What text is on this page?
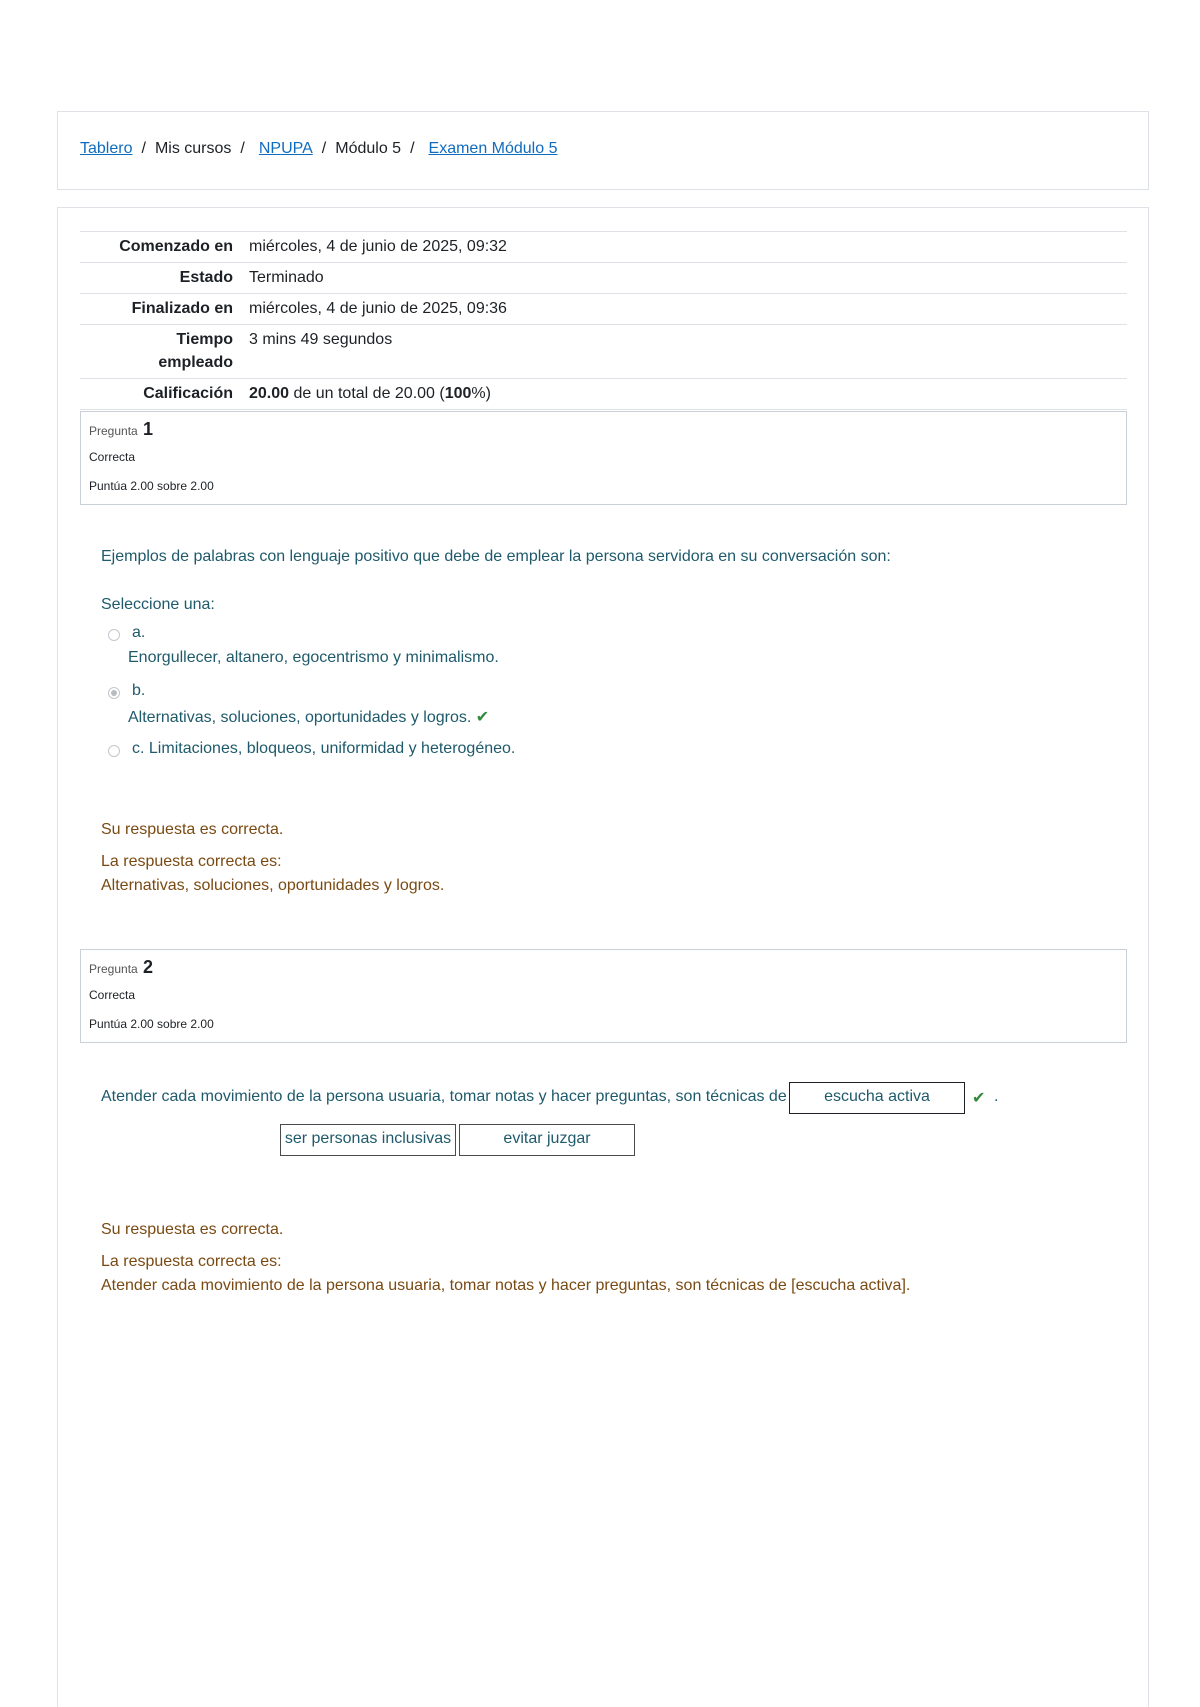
Tablero / Mis cursos / NPUPA / Módulo 5 / Examen Módulo 5
Comenzado en	miércoles, 4 de junio de 2025, 09:32
Estado	Terminado
Finalizado en	miércoles, 4 de junio de 2025, 09:36
Tiempo
empleado	3 mins 49 segundos
Calificación	20.00 de un total de 20.00 (100%)
Pregunta 1
Correcta
Puntúa 2.00 sobre 2.00
Ejemplos de palabras con lenguaje positivo que debe de emplear la persona servidora en su conversación son:
Seleccione una:
a.
Enorgullecer, altanero, egocentrismo y minimalismo.
b.
Alternativas, soluciones, oportunidades y logros. ✔
c. Limitaciones, bloqueos, uniformidad y heterogéneo.
Su respuesta es correcta.
La respuesta correcta es:
Alternativas, soluciones, oportunidades y logros.
Pregunta 2
Correcta
Puntúa 2.00 sobre 2.00
Atender cada movimiento de la persona usuaria, tomar notas y hacer preguntas, son técnicas de	escucha activa	✔ .
ser personas inclusivas	evitar juzgar
Su respuesta es correcta.
La respuesta correcta es:
Atender cada movimiento de la persona usuaria, tomar notas y hacer preguntas, son técnicas de [escucha activa].
